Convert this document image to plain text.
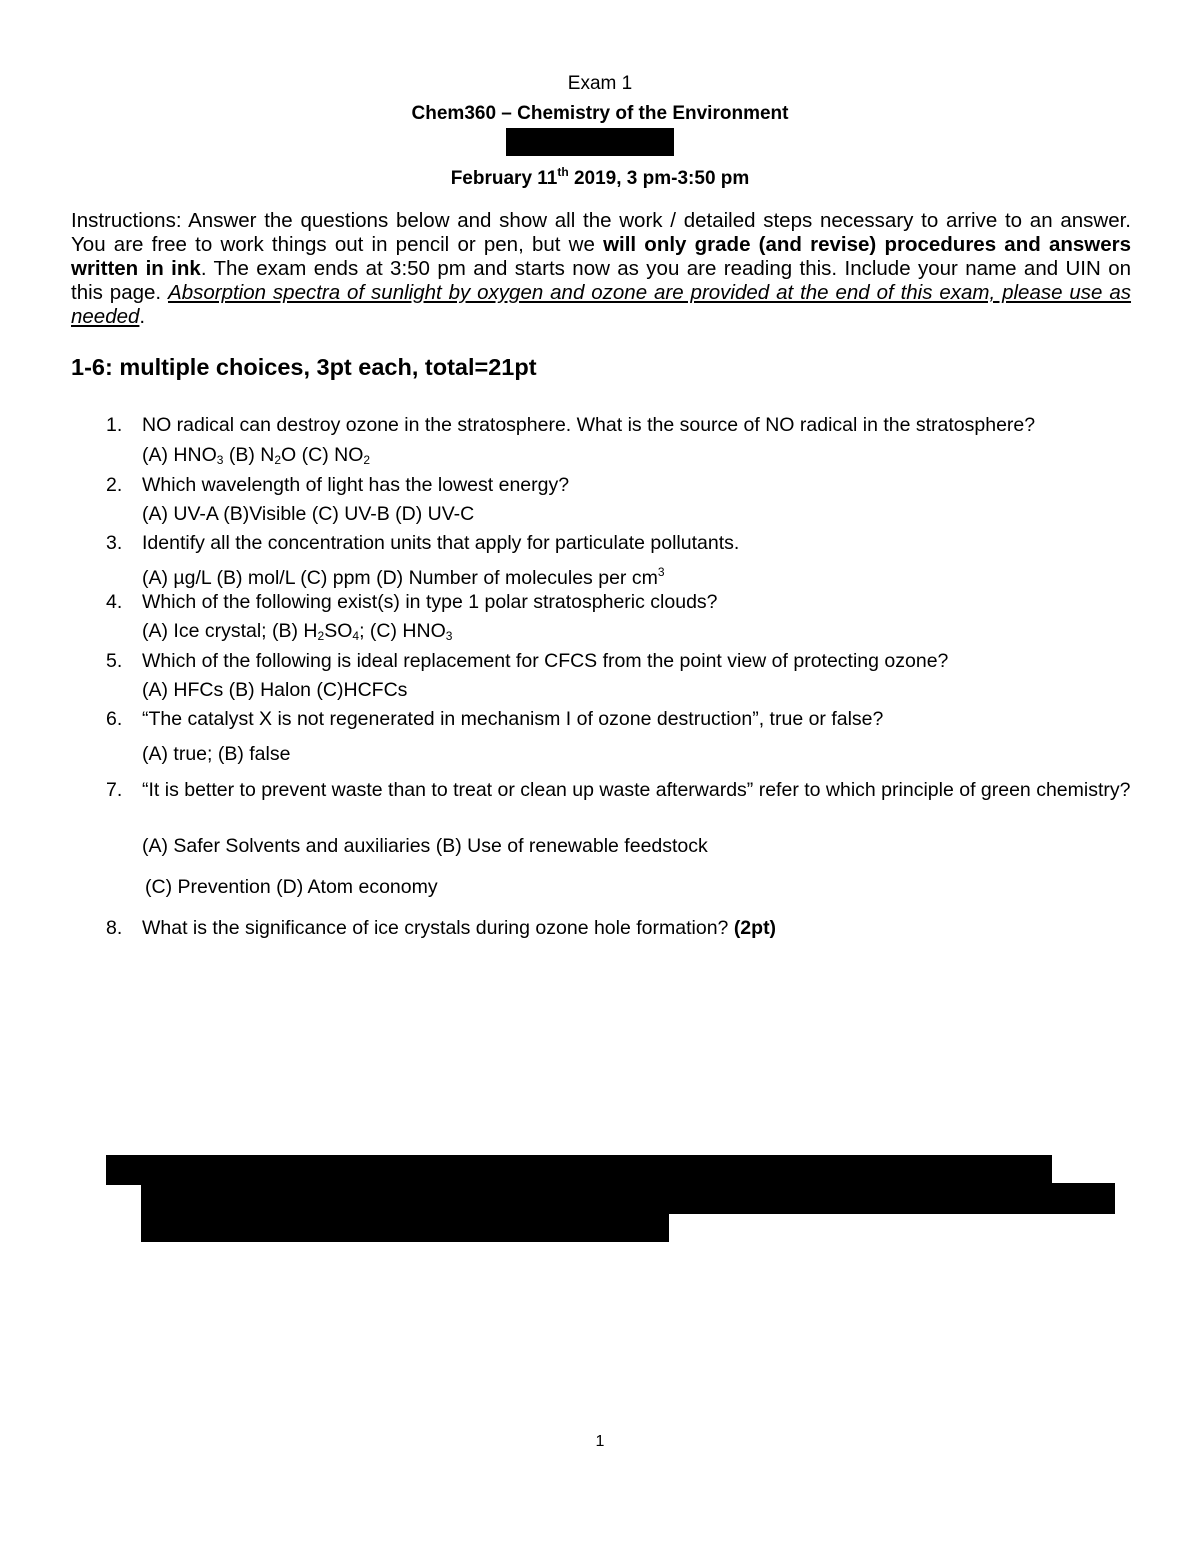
Exam 1
Chem360 – Chemistry of the Environment
February 11th 2019, 3 pm-3:50 pm
Instructions: Answer the questions below and show all the work / detailed steps necessary to arrive to an answer. You are free to work things out in pencil or pen, but we will only grade (and revise) procedures and answers written in ink. The exam ends at 3:50 pm and starts now as you are reading this. Include your name and UIN on this page. Absorption spectra of sunlight by oxygen and ozone are provided at the end of this exam, please use as needed.
1-6: multiple choices, 3pt each, total=21pt
1. NO radical can destroy ozone in the stratosphere. What is the source of NO radical in the stratosphere?
(A) $HNO_3$ (B) $N_2O$ (C) $NO_2$
2. Which wavelength of light has the lowest energy?
(A) UV-A (B)Visible (C) UV-B (D) UV-C
3. Identify all the concentration units that apply for particulate pollutants.
(A) µg/L (B) mol/L (C) ppm (D) Number of molecules per $cm^3$
4. Which of the following exist(s) in type 1 polar stratospheric clouds?
(A) Ice crystal; (B) $H_2SO_4$; (C) $HNO_3$
5. Which of the following is ideal replacement for CFCS from the point view of protecting ozone?
(A) HFCs (B) Halon (C)HCFCs
6. “The catalyst X is not regenerated in mechanism I of ozone destruction”, true or false?
(A) true; (B) false
7. “It is better to prevent waste than to treat or clean up waste afterwards” refer to which principle of green chemistry?
(A) Safer Solvents and auxiliaries (B) Use of renewable feedstock
(C) Prevention (D) Atom economy
8. What is the significance of ice crystals during ozone hole formation? (2pt)
1
